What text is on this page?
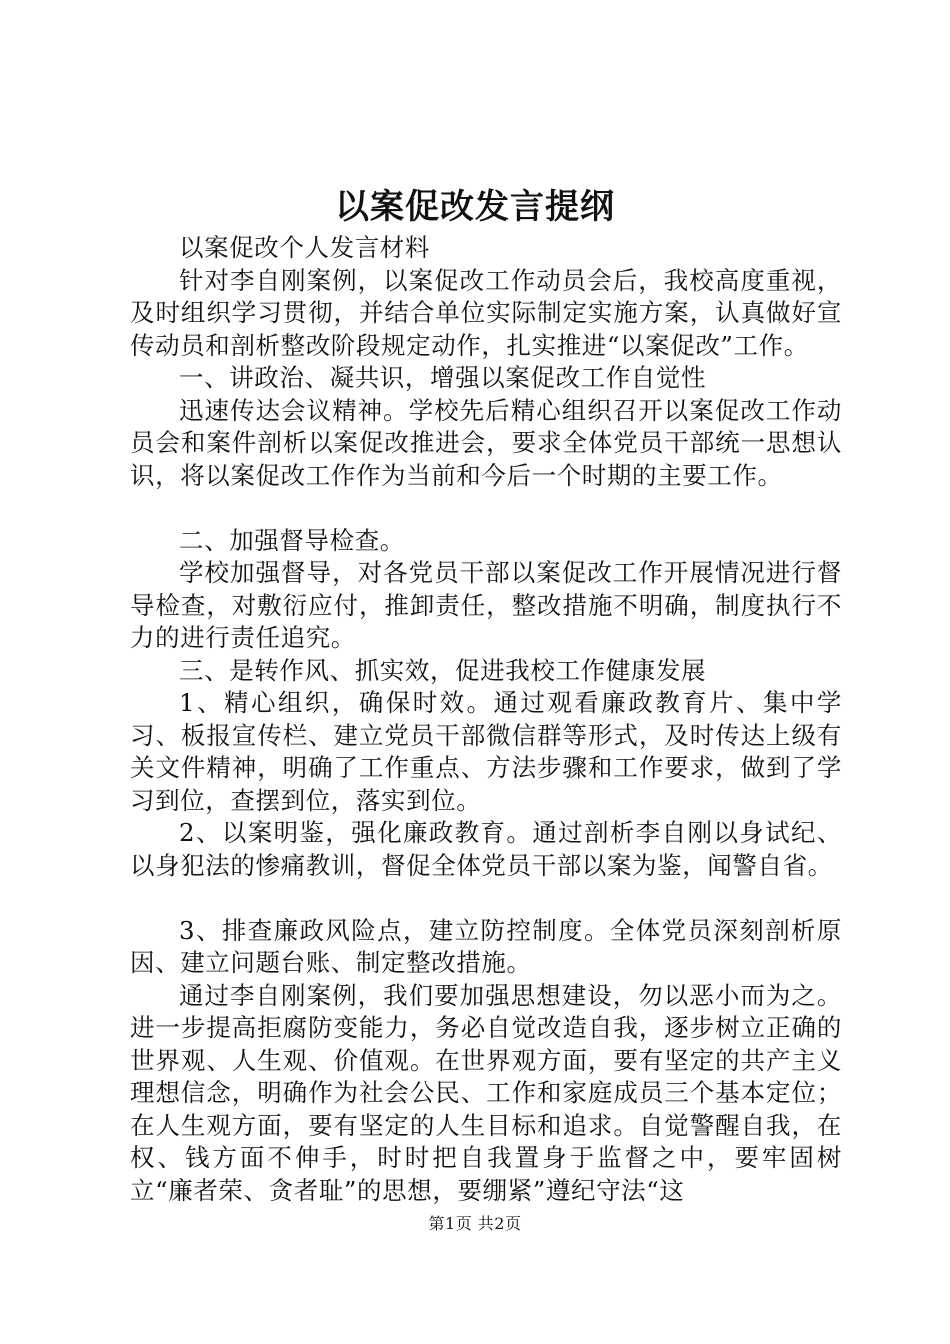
以案促改发言提纲

以案促改个人发言材料

针对李自刚案例，以案促改工作动员会后，我校高度重视，及时组织学习贯彻，并结合单位实际制定实施方案，认真做好宣传动员和剖析整改阶段规定动作，扎实推进“以案促改”工作。

一、讲政治、凝共识，增强以案促改工作自觉性

迅速传达会议精神。学校先后精心组织召开以案促改工作动员会和案件剖析以案促改推进会，要求全体党员干部统一思想认识，将以案促改工作作为当前和今后一个时期的主要工作。

二、加强督导检查。

学校加强督导，对各党员干部以案促改工作开展情况进行督导检查，对敷衍应付，推卸责任，整改措施不明确，制度执行不力的进行责任追究。

三、是转作风、抓实效，促进我校工作健康发展

1、精心组织，确保时效。通过观看廉政教育片、集中学习、板报宣传栏、建立党员干部微信群等形式，及时传达上级有关文件精神，明确了工作重点、方法步骤和工作要求，做到了学习到位，查摆到位，落实到位。

2、以案明鉴，强化廉政教育。通过剖析李自刚以身试纪、以身犯法的惨痛教训，督促全体党员干部以案为鉴，闻警自省。

3、排查廉政风险点，建立防控制度。全体党员深刻剖析原因、建立问题台账、制定整改措施。

通过李自刚案例，我们要加强思想建设，勿以恶小而为之。进一步提高拒腐防变能力，务必自觉改造自我，逐步树立正确的世界观、人生观、价值观。在世界观方面，要有坚定的共产主义理想信念，明确作为社会公民、工作和家庭成员三个基本定位；在人生观方面，要有坚定的人生目标和追求。自觉警醒自我，在权、钱方面不伸手，时时把自我置身于监督之中，要牢固树立“廉者荣、贪者耻”的思想，要绷紧”遵纪守法“这

第1页 共2页
